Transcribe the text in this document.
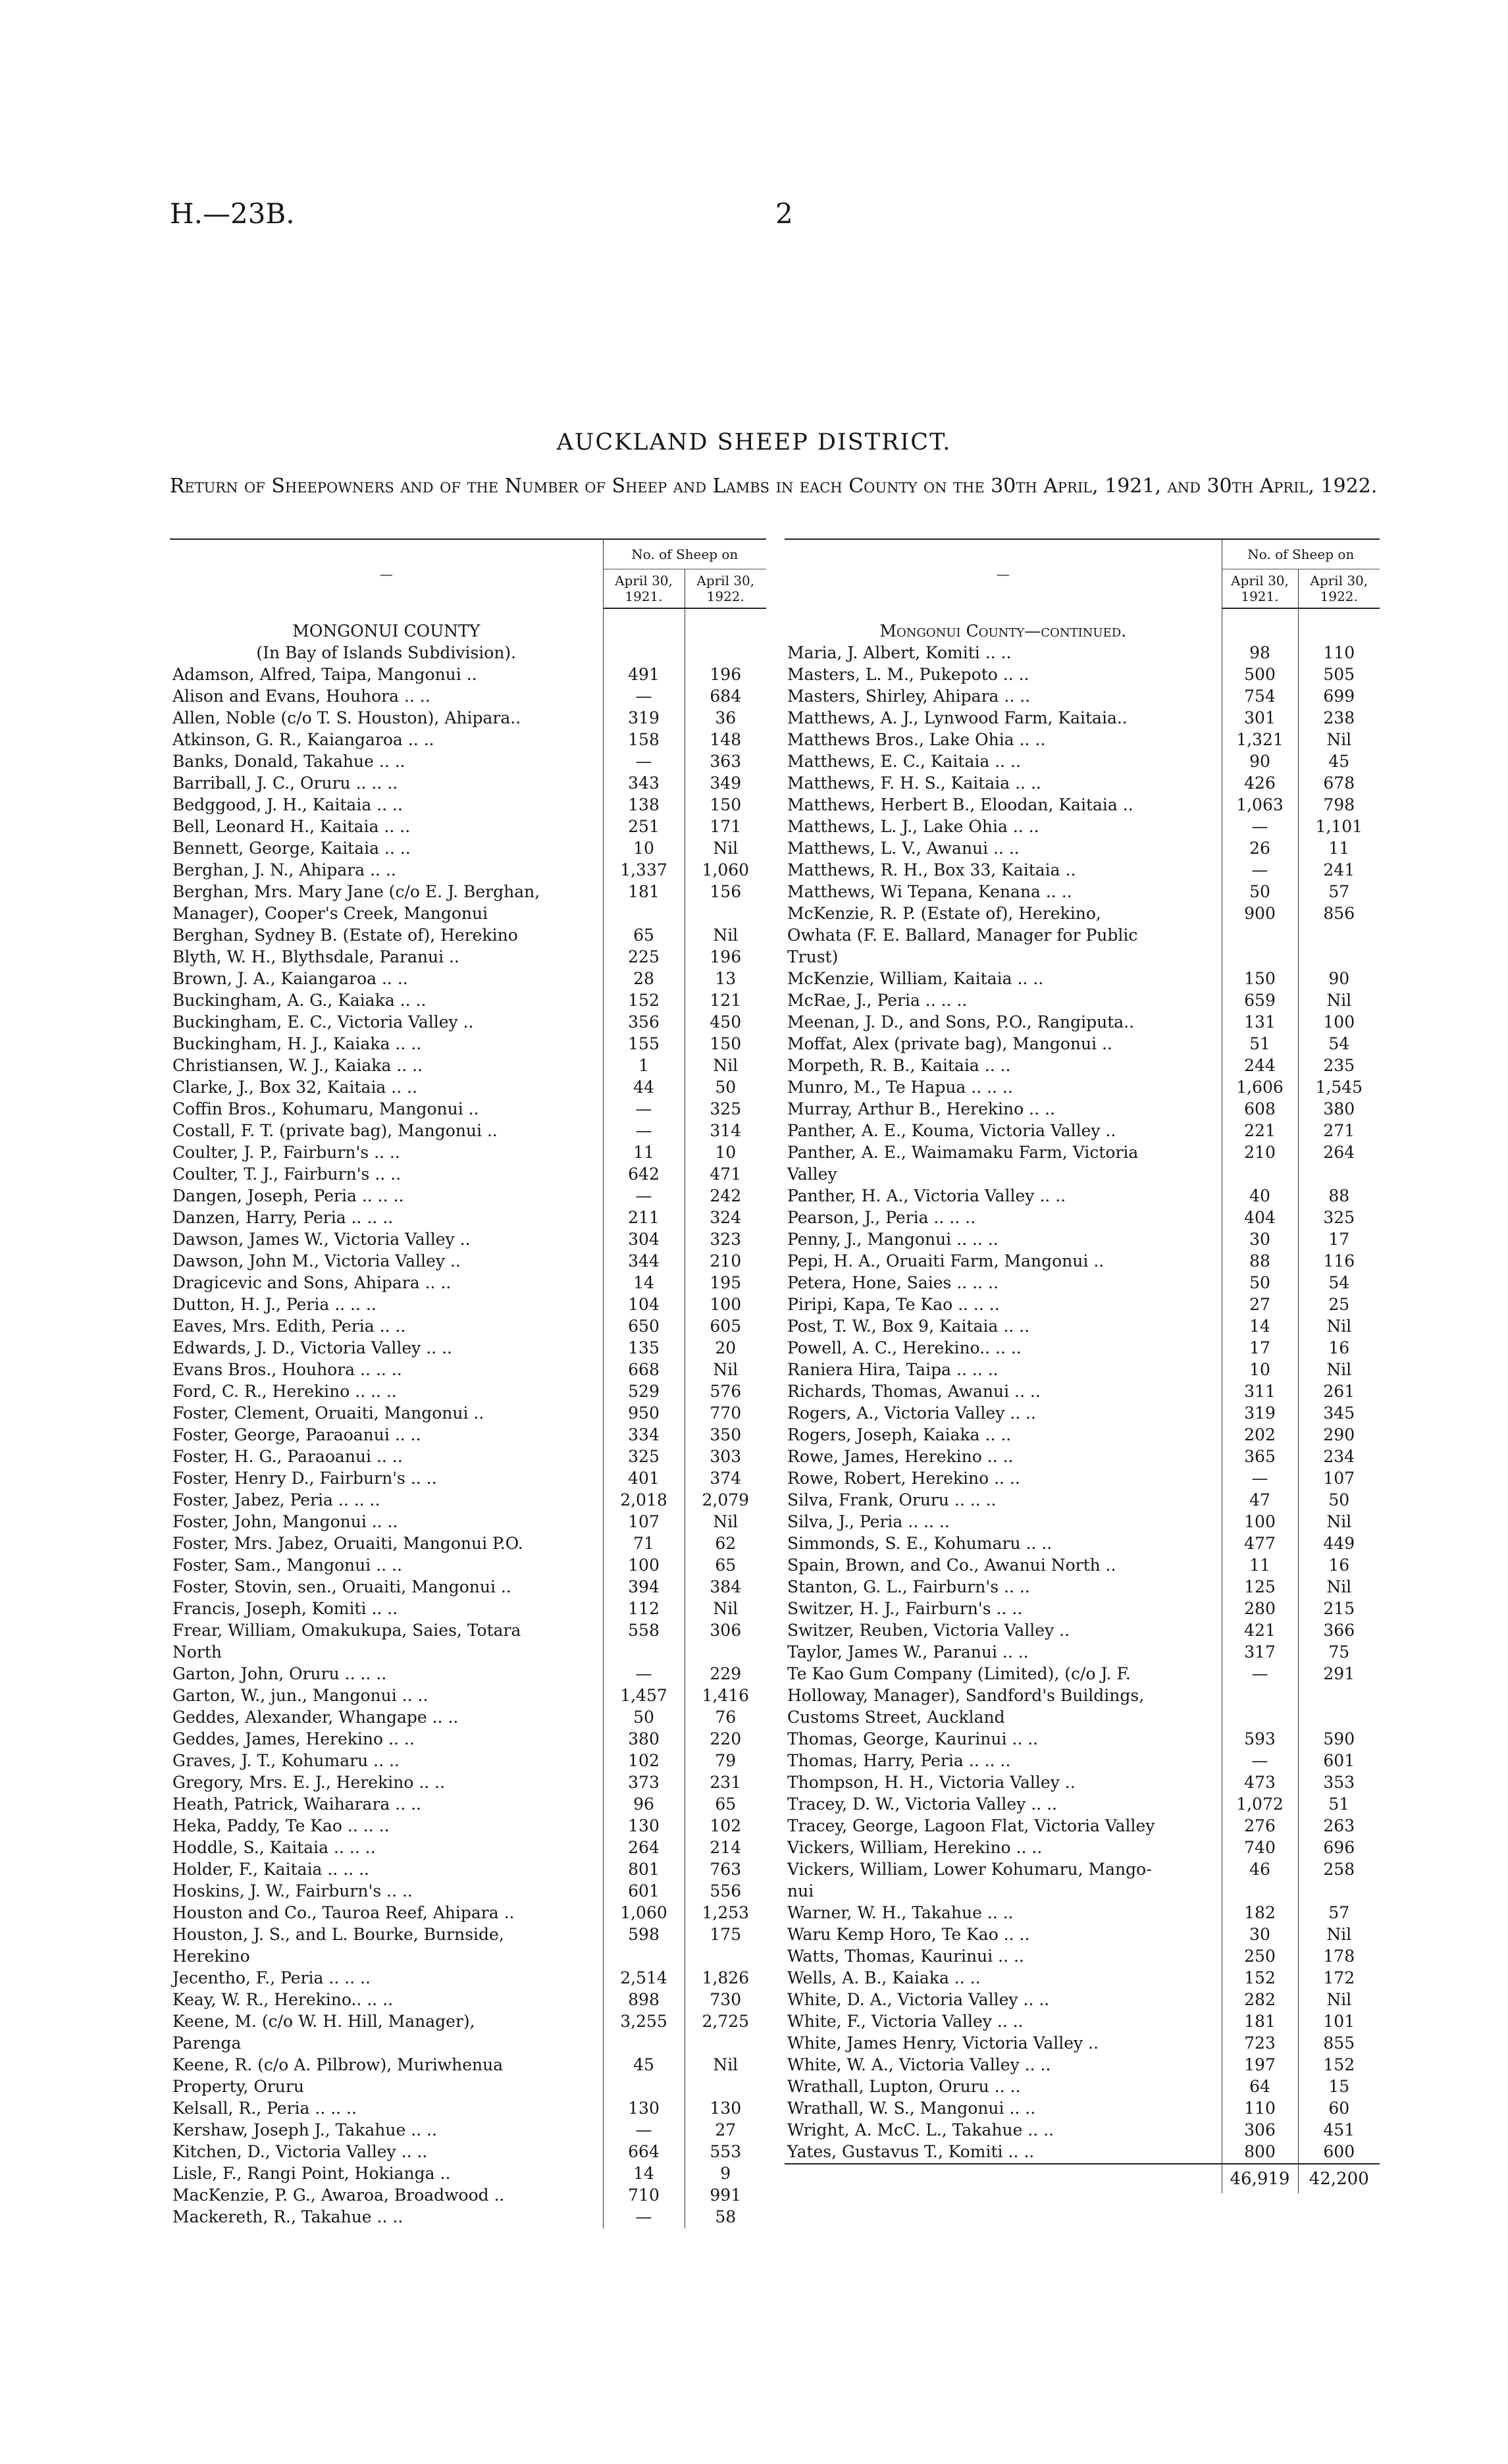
H.—23B.	2
AUCKLAND SHEEP DISTRICT.
Return of Sheepowners and of the Number of Sheep and Lambs in each County on the 30th April, 1921, and 30th April, 1922.
—	No. of Sheep on	
	April 30, 1921.	April 30, 1922.

MONGONUI COUNTY		
(In Bay of Islands Subdivision).		
Adamson, Alfred, Taipa, Mangonui ..	491	196
Alison and Evans, Houhora .. ..	—	684
Allen, Noble (c/o T. S. Houston), Ahipara..	319	36
Atkinson, G. R., Kaiangaroa .. ..	158	148
Banks, Donald, Takahue .. ..	—	363
Barriball, J. C., Oruru .. .. ..	343	349
Bedggood, J. H., Kaitaia .. ..	138	150
Bell, Leonard H., Kaitaia .. ..	251	171
Bennett, George, Kaitaia .. ..	10	Nil
Berghan, J. N., Ahipara .. ..	1,337	1,060
Berghan, Mrs. Mary Jane (c/o E. J. Berghan,	181	156
Manager), Cooper's Creek, Mangonui		
Berghan, Sydney B. (Estate of), Herekino	65	Nil
Blyth, W. H., Blythsdale, Paranui ..	225	196
Brown, J. A., Kaiangaroa .. ..	28	13
Buckingham, A. G., Kaiaka .. ..	152	121
Buckingham, E. C., Victoria Valley ..	356	450
Buckingham, H. J., Kaiaka .. ..	155	150
Christiansen, W. J., Kaiaka .. ..	1	Nil
Clarke, J., Box 32, Kaitaia .. ..	44	50
Coffin Bros., Kohumaru, Mangonui ..	—	325
Costall, F. T. (private bag), Mangonui ..	—	314
Coulter, J. P., Fairburn's .. ..	11	10
Coulter, T. J., Fairburn's .. ..	642	471
Dangen, Joseph, Peria .. .. ..	—	242
Danzen, Harry, Peria .. .. ..	211	324
Dawson, James W., Victoria Valley ..	304	323
Dawson, John M., Victoria Valley ..	344	210
Dragicevic and Sons, Ahipara .. ..	14	195
Dutton, H. J., Peria .. .. ..	104	100
Eaves, Mrs. Edith, Peria .. ..	650	605
Edwards, J. D., Victoria Valley .. ..	135	20
Evans Bros., Houhora .. .. ..	668	Nil
Ford, C. R., Herekino .. .. ..	529	576
Foster, Clement, Oruaiti, Mangonui ..	950	770
Foster, George, Paraoanui .. ..	334	350
Foster, H. G., Paraoanui .. ..	325	303
Foster, Henry D., Fairburn's .. ..	401	374
Foster, Jabez, Peria .. .. ..	2,018	2,079
Foster, John, Mangonui .. ..	107	Nil
Foster, Mrs. Jabez, Oruaiti, Mangonui P.O.	71	62
Foster, Sam., Mangonui .. ..	100	65
Foster, Stovin, sen., Oruaiti, Mangonui ..	394	384
Francis, Joseph, Komiti .. ..	112	Nil
Frear, William, Omakukupa, Saies, Totara	558	306
North		
Garton, John, Oruru .. .. ..	—	229
Garton, W., jun., Mangonui .. ..	1,457	1,416
Geddes, Alexander, Whangape .. ..	50	76
Geddes, James, Herekino .. ..	380	220
Graves, J. T., Kohumaru .. ..	102	79
Gregory, Mrs. E. J., Herekino .. ..	373	231
Heath, Patrick, Waiharara .. ..	96	65
Heka, Paddy, Te Kao .. .. ..	130	102
Hoddle, S., Kaitaia .. .. ..	264	214
Holder, F., Kaitaia .. .. ..	801	763
Hoskins, J. W., Fairburn's .. ..	601	556
Houston and Co., Tauroa Reef, Ahipara ..	1,060	1,253
Houston, J. S., and L. Bourke, Burnside,	598	175
Herekino		
Jecentho, F., Peria .. .. ..	2,514	1,826
Keay, W. R., Herekino.. .. ..	898	730
Keene, M. (c/o W. H. Hill, Manager),	3,255	2,725
Parenga		
Keene, R. (c/o A. Pilbrow), Muriwhenua	45	Nil
Property, Oruru		
Kelsall, R., Peria .. .. ..	130	130
Kershaw, Joseph J., Takahue .. ..	—	27
Kitchen, D., Victoria Valley .. ..	664	553
Lisle, F., Rangi Point, Hokianga ..	14	9
MacKenzie, P. G., Awaroa, Broadwood ..	710	991
Mackereth, R., Takahue .. ..	—	58
—	No. of Sheep on	
	April 30, 1921.	April 30, 1922.

Mongonui County—continued.		
Maria, J. Albert, Komiti .. ..	98	110
Masters, L. M., Pukepoto .. ..	500	505
Masters, Shirley, Ahipara .. ..	754	699
Matthews, A. J., Lynwood Farm, Kaitaia..	301	238
Matthews Bros., Lake Ohia .. ..	1,321	Nil
Matthews, E. C., Kaitaia .. ..	90	45
Matthews, F. H. S., Kaitaia .. ..	426	678
Matthews, Herbert B., Eloodan, Kaitaia ..	1,063	798
Matthews, L. J., Lake Ohia .. ..	—	1,101
Matthews, L. V., Awanui .. ..	26	11
Matthews, R. H., Box 33, Kaitaia ..	—	241
Matthews, Wi Tepana, Kenana .. ..	50	57
McKenzie, R. P. (Estate of), Herekino,	900	856
Owhata (F. E. Ballard, Manager for Public		
Trust)		
McKenzie, William, Kaitaia .. ..	150	90
McRae, J., Peria .. .. ..	659	Nil
Meenan, J. D., and Sons, P.O., Rangiputa..	131	100
Moffat, Alex (private bag), Mangonui ..	51	54
Morpeth, R. B., Kaitaia .. ..	244	235
Munro, M., Te Hapua .. .. ..	1,606	1,545
Murray, Arthur B., Herekino .. ..	608	380
Panther, A. E., Kouma, Victoria Valley ..	221	271
Panther, A. E., Waimamaku Farm, Victoria	210	264
Valley		
Panther, H. A., Victoria Valley .. ..	40	88
Pearson, J., Peria .. .. ..	404	325
Penny, J., Mangonui .. .. ..	30	17
Pepi, H. A., Oruaiti Farm, Mangonui ..	88	116
Petera, Hone, Saies .. .. ..	50	54
Piripi, Kapa, Te Kao .. .. ..	27	25
Post, T. W., Box 9, Kaitaia .. ..	14	Nil
Powell, A. C., Herekino.. .. ..	17	16
Raniera Hira, Taipa .. .. ..	10	Nil
Richards, Thomas, Awanui .. ..	311	261
Rogers, A., Victoria Valley .. ..	319	345
Rogers, Joseph, Kaiaka .. ..	202	290
Rowe, James, Herekino .. ..	365	234
Rowe, Robert, Herekino .. ..	—	107
Silva, Frank, Oruru .. .. ..	47	50
Silva, J., Peria .. .. ..	100	Nil
Simmonds, S. E., Kohumaru .. ..	477	449
Spain, Brown, and Co., Awanui North ..	11	16
Stanton, G. L., Fairburn's .. ..	125	Nil
Switzer, H. J., Fairburn's .. ..	280	215
Switzer, Reuben, Victoria Valley ..	421	366
Taylor, James W., Paranui .. ..	317	75
Te Kao Gum Company (Limited), (c/o J. F.	—	291
Holloway, Manager), Sandford's Buildings,		
Customs Street, Auckland		
Thomas, George, Kaurinui .. ..	593	590
Thomas, Harry, Peria .. .. ..	—	601
Thompson, H. H., Victoria Valley ..	473	353
Tracey, D. W., Victoria Valley .. ..	1,072	51
Tracey, George, Lagoon Flat, Victoria Valley	276	263
Vickers, William, Herekino .. ..	740	696
Vickers, William, Lower Kohumaru, Mango-	46	258
nui		
Warner, W. H., Takahue .. ..	182	57
Waru Kemp Horo, Te Kao .. ..	30	Nil
Watts, Thomas, Kaurinui .. ..	250	178
Wells, A. B., Kaiaka .. ..	152	172
White, D. A., Victoria Valley .. ..	282	Nil
White, F., Victoria Valley .. ..	181	101
White, James Henry, Victoria Valley ..	723	855
White, W. A., Victoria Valley .. ..	197	152
Wrathall, Lupton, Oruru .. ..	64	15
Wrathall, W. S., Mangonui .. ..	110	60
Wright, A. McC. L., Takahue .. ..	306	451
Yates, Gustavus T., Komiti .. ..	800	600
	46,919	42,200
